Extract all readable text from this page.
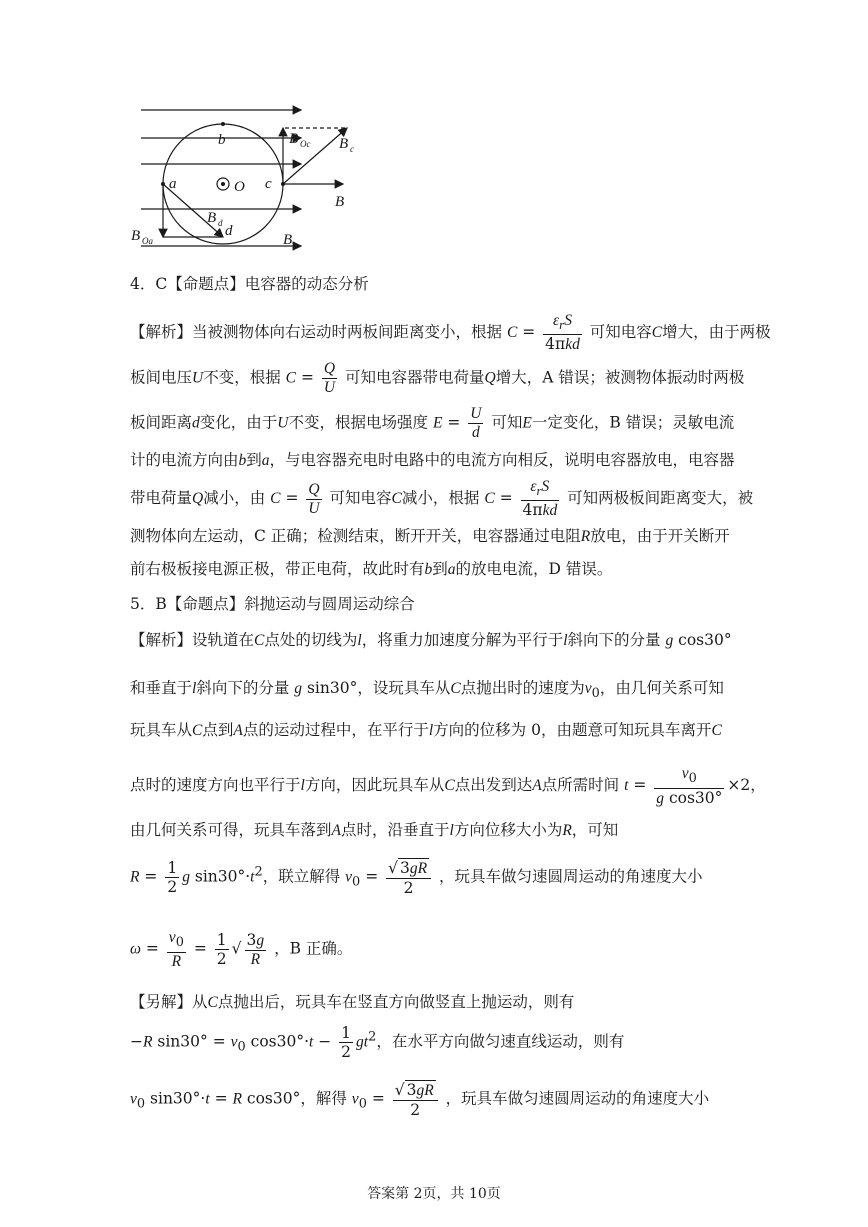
b
O
a	c
d
B Oc B c
B
B d
B Oa	B
4．C【命题点】电容器的动态分析
【解析】当被测物体向右运动时两板间距离变小，根据 $C = \frac{\varepsilon_rS}{\text{4πkd}}$ 可知电容C增大，由于两极
板间电压U不变，根据 $C = \frac{Q}{U}$ 可知电容器带电荷量Q增大，A 错误；被测物体振动时两极
板间距离d变化，由于U不变，根据电场强度 $E = \frac{U}{d}$ 可知E一定变化，B 错误；灵敏电流
计的电流方向由b到a，与电容器充电时电路中的电流方向相反，说明电容器放电，电容器
带电荷量Q减小，由 $C = \frac{Q}{U}$ 可知电容C减小，根据 $C = \frac{\varepsilon_rS}{\text{4πkd}}$ 可知两极板间距离变大，被
测物体向左运动，C 正确；检测结束，断开开关，电容器通过电阻R放电，由于开关断开
前右极板接电源正极，带正电荷，故此时有b到a的放电电流，D 错误。
5．B【命题点】斜抛运动与圆周运动综合
【解析】设轨道在C点处的切线为l，将重力加速度分解为平行于l斜向下的分量 g cos30°
和垂直于l斜向下的分量 g sin30°，设玩具车从C点抛出时的速度为$v_0$，由几何关系可知
玩具车从C点到A点的运动过程中，在平行于l方向的位移为 0，由题意可知玩具车离开C
点时的速度方向也平行于l方向，因此玩具车从C点出发到达A点所需时间 $t = \frac{v_0}{\text{g cos30°}} \times 2$，
由几何关系可得，玩具车落到A点时，沿垂直于l方向位移大小为R，可知
$R = \frac{1}{2}$ g $\sin 30^\circ\cdot t^2$，联立解得 $v_0 = \frac{√ 3gR}{2}$ ，玩具车做匀速圆周运动的角速度大小
$\omega = \frac{v_0}{R} = \frac{1}{2}$ √ $\frac{3g}{R}$ ，B 正确。
【另解】从C点抛出后，玩具车在竖直方向做竖直上抛运动，则有
−R $\sin 30^\circ = v_0$ $\cos 30^\circ\cdot t - \frac{1}{2} gt^2$，在水平方向做匀速直线运动，则有
$v_0$ sin30°·t = R cos30°，解得 $v_0 = \frac{√ 3gR}{2}$ ，玩具车做匀速圆周运动的角速度大小
答案第 2页，共 10页
